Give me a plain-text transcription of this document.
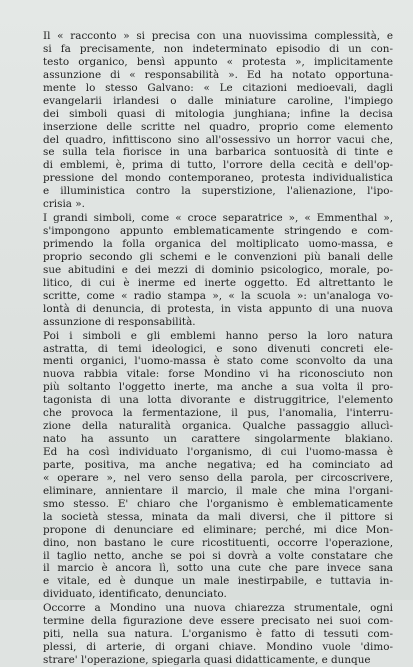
Il « racconto » si precisa con una nuovissima complessità, e
si fa precisamente, non indeterminato episodio di un con-
testo organico, bensì appunto « protesta », implicitamente
assunzione di « responsabilità ». Ed ha notato opportuna-
mente lo stesso Galvano: « Le citazioni medioevali, dagli
evangelarii irlandesi o dalle miniature caroline, l'impiego
dei simboli quasi di mitologia junghiana; infine la decisa
inserzione delle scritte nel quadro, proprio come elemento
del quadro, infittiscono sino all'ossessivo un horror vacui che,
se sulla tela fiorisce in una barbarica sontuosità di tinte e
di emblemi, è, prima di tutto, l'orrore della cecità e dell'op-
pressione del mondo contemporaneo, protesta individualistica
e illuministica contro la superstizione, l'alienazione, l'ipo-
crisia ».
I grandi simboli, come « croce separatrice », « Emmenthal »,
s'impongono appunto emblematicamente stringendo e com-
primendo la folla organica del moltiplicato uomo-massa, e
proprio secondo gli schemi e le convenzioni più banali delle
sue abitudini e dei mezzi di dominio psicologico, morale, po-
litico, di cui è inerme ed inerte oggetto. Ed altrettanto le
scritte, come « radio stampa », « la scuola »: un'analoga vo-
lontà di denuncia, di protesta, in vista appunto di una nuova
assunzione di responsabilità.
Poi i simboli e gli emblemi hanno perso la loro natura
astratta, di temi ideologici, e sono divenuti concreti ele-
menti organici, l'uomo-massa è stato come sconvolto da una
nuova rabbia vitale: forse Mondino vi ha riconosciuto non
più soltanto l'oggetto inerte, ma anche a sua volta il pro-
tagonista di una lotta divorante e distruggitrice, l'elemento
che provoca la fermentazione, il pus, l'anomalia, l'interru-
zione della naturalità organica. Qualche passaggio allucì-
nato ha assunto un carattere singolarmente blakiano.
Ed ha così individuato l'organismo, di cui l'uomo-massa è
parte, positiva, ma anche negativa; ed ha cominciato ad
« operare », nel vero senso della parola, per circoscrivere,
eliminare, annientare il marcio, il male che mina l'organi-
smo stesso. E' chiaro che l'organismo è emblematicamente
la società stessa, minata da mali diversi, che il pittore si
propone di denunciare ed eliminare; perché, mi dice Mon-
dino, non bastano le cure ricostituenti, occorre l'operazione,
il taglio netto, anche se poi si dovrà a volte constatare che
il marcio è ancora lì, sotto una cute che pare invece sana
e vitale, ed è dunque un male inestirpabile, e tuttavia in-
dividuato, identificato, denunciato.
Occorre a Mondino una nuova chiarezza strumentale, ogni
termine della figurazione deve essere precisato nei suoi com-
piti, nella sua natura. L'organismo è fatto di tessuti com-
plessi, di arterie, di organi chiave. Mondino vuole 'dimo-
strare' l'operazione, spiegarla quasi didatticamente, e dunque
